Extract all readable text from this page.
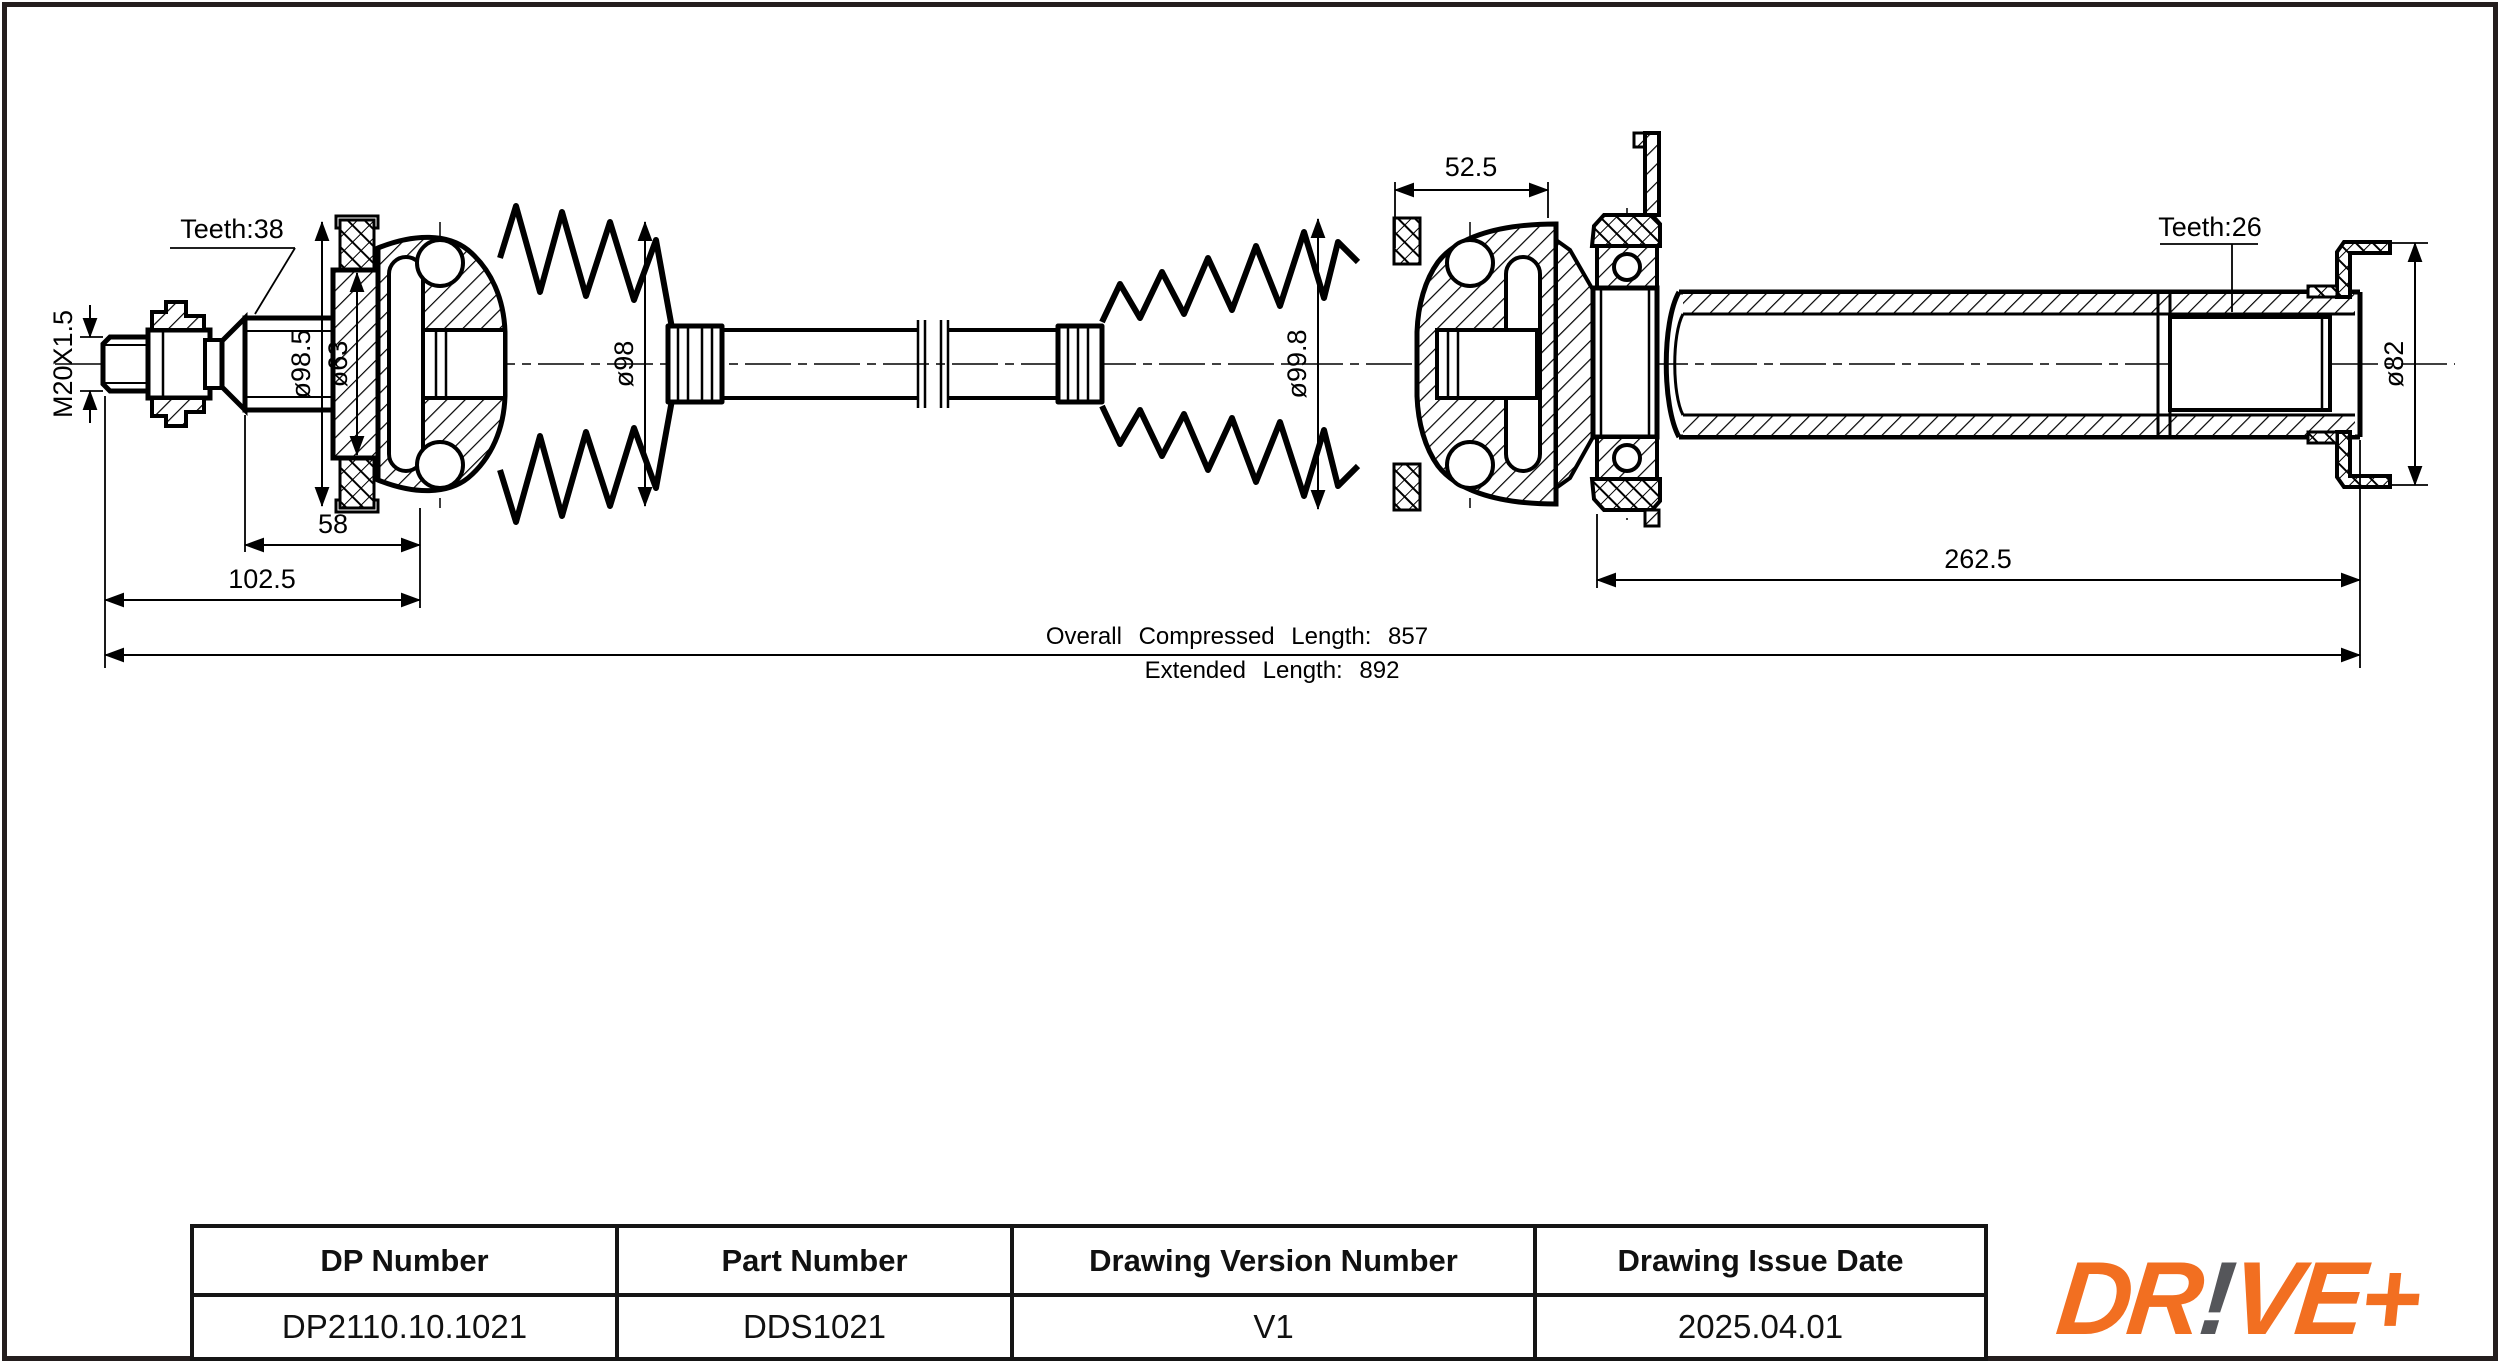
Teeth:38
M20X1.5	ø98.5 ø63	ø98
52.5
ø99.8
Teeth:26
ø82
58
102.5
262.5
Overall Compressed Length: 857
Extended Length: 892
DP Number	Part Number	Drawing Version Number	Drawing Issue Date
DP2110.10.1021	DDS1021	V1	2025.04.01 DR
!
VE+
